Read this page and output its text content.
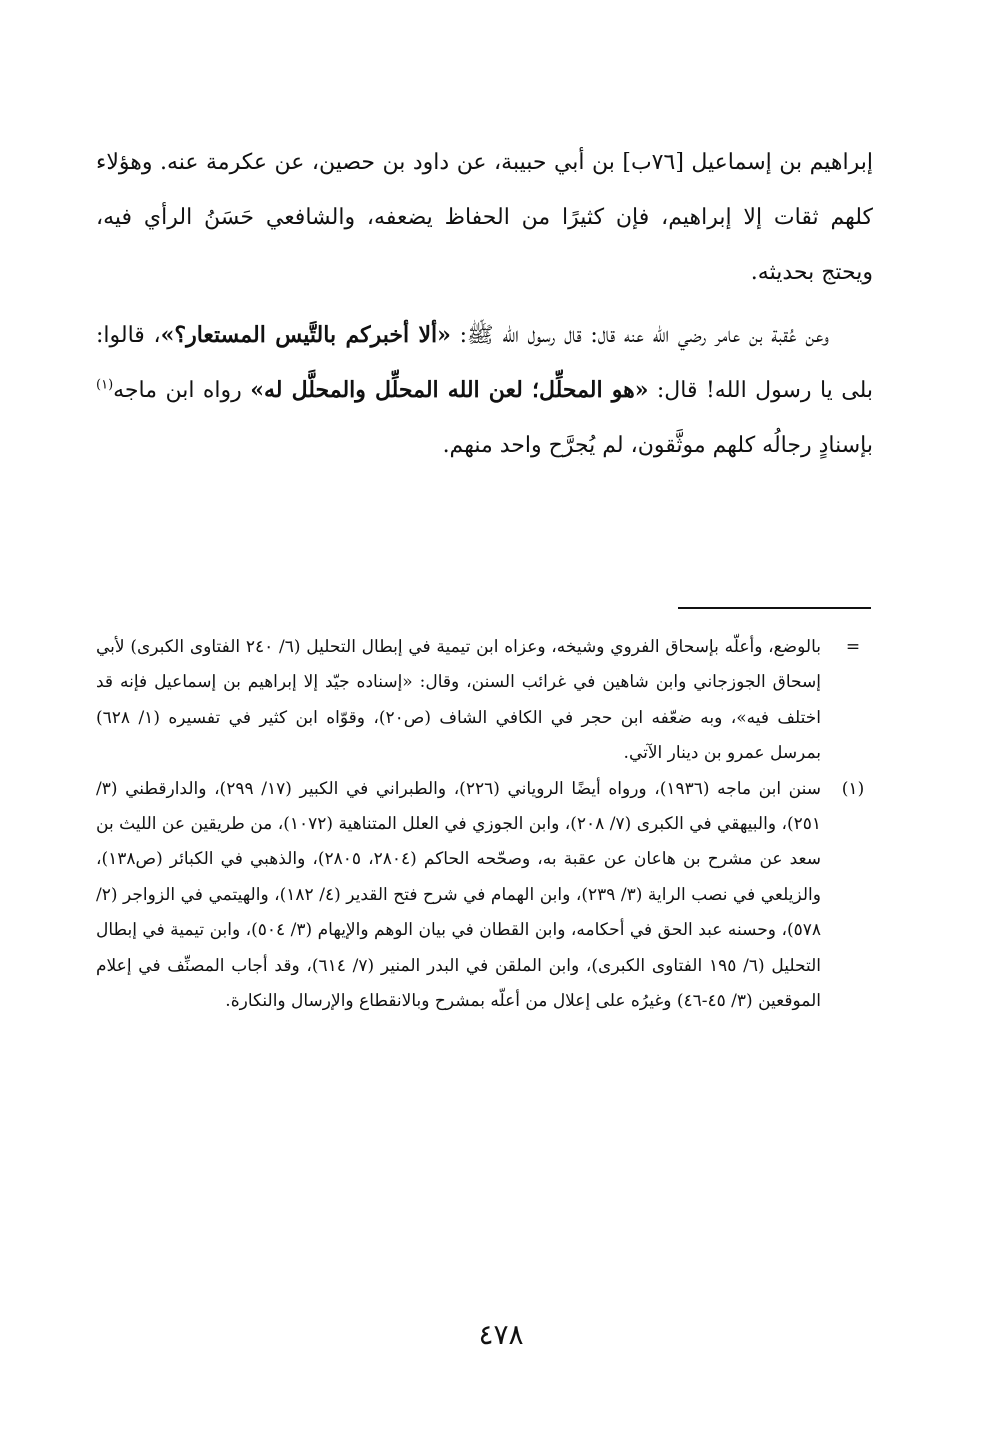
إبراهيم بن إسماعيل [٧٦ب] بن أبي حبيبة، عن داود بن حصين، عن عكرمة عنه. وهؤلاء كلهم ثقات إلا إبراهيم، فإن كثيرًا من الحفاظ يضعفه، والشافعي حَسَنُ الرأي فيه، ويحتج بحديثه.

وعن عُقبة بن عامر رضي الله عنه قال: قال رسول الله ﷺ: «ألا أخبركم بالتَّيس المستعار؟»، قالوا: بلى يا رسول الله! قال: «هو المحلِّل؛ لعن الله المحلِّل والمحلَّل له» رواه ابن ماجه$^{(١)}$ بإسنادٍ رجالُه كلهم موثَّقون، لم يُجرَّح واحد منهم.

=
بالوضع، وأعلّه بإسحاق الفروي وشيخه، وعزاه ابن تيمية في إبطال التحليل (٦/ ٢٤٠ الفتاوى الكبرى) لأبي إسحاق الجوزجاني وابن شاهين في غرائب السنن، وقال: «إسناده جيّد إلا إبراهيم بن إسماعيل فإنه قد اختلف فيه»، وبه ضعّفه ابن حجر في الكافي الشاف (ص٢٠)، وقوّاه ابن كثير في تفسيره (١/ ٦٢٨) بمرسل عمرو بن دينار الآتي.
(١)
سنن ابن ماجه (١٩٣٦)، ورواه أيضًا الروياني (٢٢٦)، والطبراني في الكبير (١٧/ ٢٩٩)، والدارقطني (٣/ ٢٥١)، والبيهقي في الكبرى (٧/ ٢٠٨)، وابن الجوزي في العلل المتناهية (١٠٧٢)، من طريقين عن الليث بن سعد عن مشرح بن هاعان عن عقبة به، وصحّحه الحاكم (٢٨٠٤، ٢٨٠٥)، والذهبي في الكبائر (ص١٣٨)، والزيلعي في نصب الراية (٣/ ٢٣٩)، وابن الهمام في شرح فتح القدير (٤/ ١٨٢)، والهيتمي في الزواجر (٢/ ٥٧٨)، وحسنه عبد الحق في أحكامه، وابن القطان في بيان الوهم والإيهام (٣/ ٥٠٤)، وابن تيمية في إبطال التحليل (٦/ ١٩٥ الفتاوى الكبرى)، وابن الملقن في البدر المنير (٧/ ٦١٤)، وقد أجاب المصنِّف في إعلام الموقعين (٣/ ٤٥-٤٦) وغيرُه على إعلال من أعلّه بمشرح وبالانقطاع والإرسال والنكارة.
٤٧٨
